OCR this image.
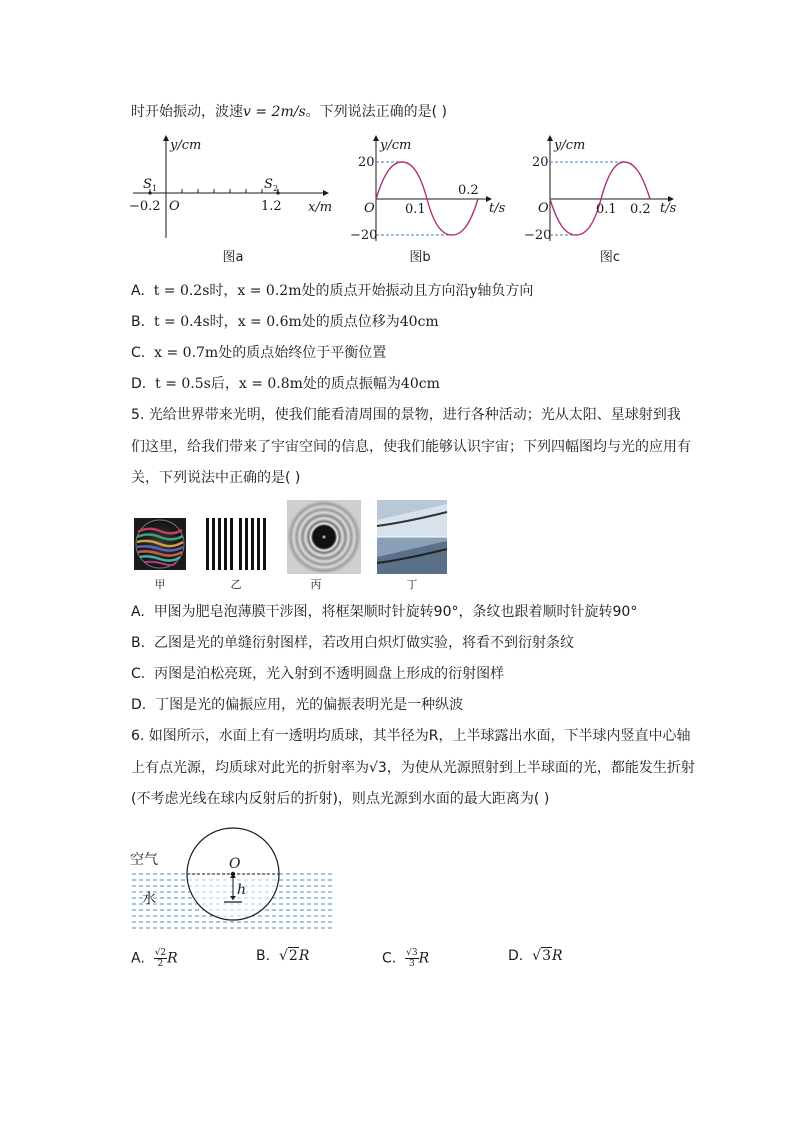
时开始振动，波速v = 2m/s。下列说法正确的是( )
y/cm
x/m
O
S 1	S 2
−0.2	1.2
图a
y/cm
t/s
O
20
−20
0.1
0.2
图b
y/cm
t/s
O
20
−20
0.1 0.2
图c
A. t = 0.2s时，x = 0.2m处的质点开始振动且方向沿y轴负方向
B. t = 0.4s时，x = 0.6m处的质点位移为40cm
C. x = 0.7m处的质点始终位于平衡位置
D. t = 0.5s后，x = 0.8m处的质点振幅为40cm
5. 光给世界带来光明，使我们能看清周围的景物，进行各种活动；光从太阳、星球射到我
们这里，给我们带来了宇宙空间的信息，使我们能够认识宇宙；下列四幅图均与光的应用有
关，下列说法中正确的是( )
甲	乙	丙	丁
A. 甲图为肥皂泡薄膜干涉图，将框架顺时针旋转90°，条纹也跟着顺时针旋转90°
B. 乙图是光的单缝衍射图样，若改用白炽灯做实验，将看不到衍射条纹
C. 丙图是泊松亮斑，光入射到不透明圆盘上形成的衍射图样
D. 丁图是光的偏振应用，光的偏振表明光是一种纵波
6. 如图所示，水面上有一透明均质球，其半径为R，上半球露出水面，下半球内竖直中心轴
上有点光源，均质球对此光的折射率为√3，为使从光源照射到上半球面的光，都能发生折射
(不考虑光线在球内反射后的折射)，则点光源到水面的最大距离为( )
空气
水
O
h
A. $\frac{√2}{2}$ R	B. √2R	C. $\frac{√3}{3}$ R	D. √3R
